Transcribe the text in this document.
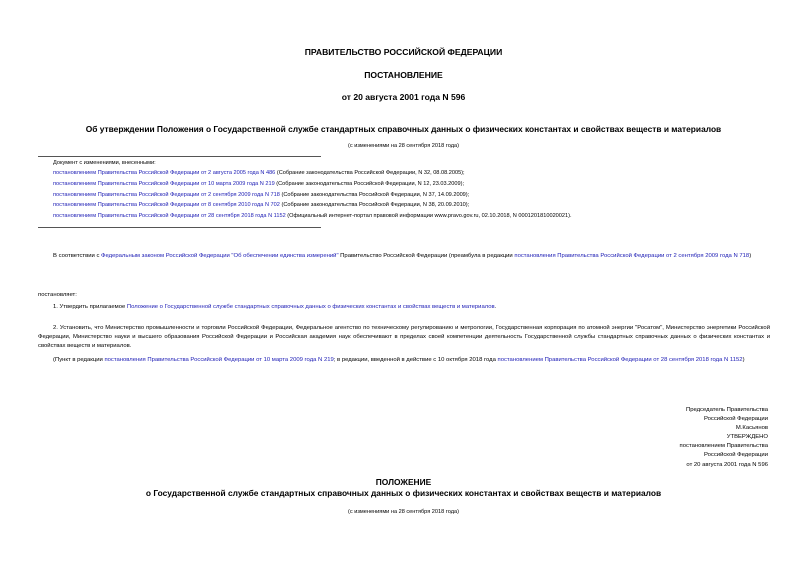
ПРАВИТЕЛЬСТВО РОССИЙСКОЙ ФЕДЕРАЦИИ
ПОСТАНОВЛЕНИЕ
от 20 августа 2001 года N 596
Об утверждении Положения о Государственной службе стандартных справочных данных о физических константах и свойствах веществ и материалов
(с изменениями на 28 сентября 2018 года)
Документ с изменениями, внесенными:
постановлением Правительства Российской Федерации от 2 августа 2005 года N 486 (Собрание законодательства Российской Федерации, N 32, 08.08.2005);
постановлением Правительства Российской Федерации от 10 марта 2009 года N 219 (Собрание законодательства Российской Федерации, N 12, 23.03.2009);
постановлением Правительства Российской Федерации от 2 сентября 2009 года N 718 (Собрание законодательства Российской Федерации, N 37, 14.09.2009);
постановлением Правительства Российской Федерации от 8 сентября 2010 года N 702 (Собрание законодательства Российской Федерации, N 38, 20.09.2010);
постановлением Правительства Российской Федерации от 28 сентября 2018 года N 1152 (Официальный интернет-портал правовой информации www.pravo.gov.ru, 02.10.2018, N 0001201810020021).
В соответствии с Федеральным законом Российской Федерации "Об обеспечении единства измерений" Правительство Российской Федерации (преамбула в редакции постановления Правительства Российской Федерации от 2 сентября 2009 года N 718)
постановляет:
1. Утвердить прилагаемое Положение о Государственной службе стандартных справочных данных о физических константах и свойствах веществ и материалов.
2. Установить, что Министерство промышленности и торговли Российской Федерации, Федеральное агентство по техническому регулированию и метрологии, Государственная корпорация по атомной энергии "Росатом", Министерство энергетики Российской Федерации, Министерство науки и высшего образования Российской Федерации и Российская академия наук обеспечивают в пределах своей компетенции деятельность Государственной службы стандартных справочных данных о физических константах и свойствах веществ и материалов.
(Пункт в редакции постановления Правительства Российской Федерации от 10 марта 2009 года N 219; в редакции, введенной в действие с 10 октября 2018 года постановлением Правительства Российской Федерации от 28 сентября 2018 года N 1152)
Председатель Правительства
Российской Федерации
М.Касьянов
УТВЕРЖДЕНО
постановлением Правительства
Российской Федерации
от 20 августа 2001 года N 596
ПОЛОЖЕНИЕ
о Государственной службе стандартных справочных данных о физических константах и свойствах веществ и материалов
(с изменениями на 28 сентября 2018 года)
